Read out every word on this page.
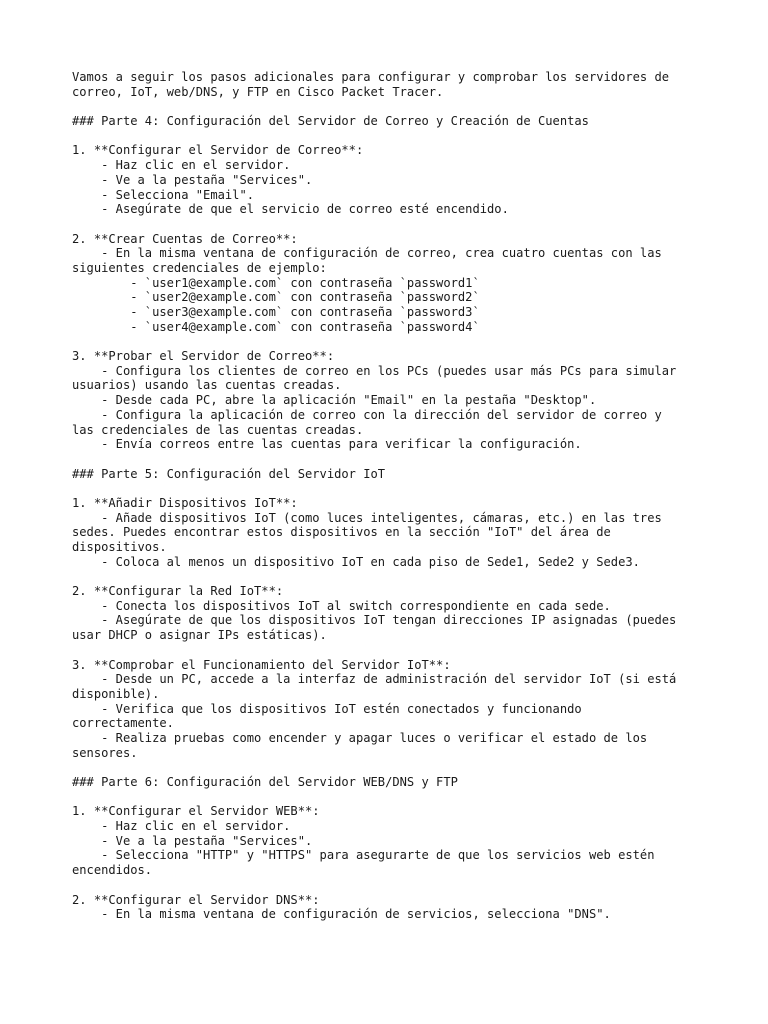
Vamos a seguir los pasos adicionales para configurar y comprobar los servidores de
correo, IoT, web/DNS, y FTP en Cisco Packet Tracer.
### Parte 4: Configuración del Servidor de Correo y Creación de Cuentas
1. **Configurar el Servidor de Correo**:
- Haz clic en el servidor.
- Ve a la pestaña "Services".
- Selecciona "Email".
- Asegúrate de que el servicio de correo esté encendido.
2. **Crear Cuentas de Correo**:
- En la misma ventana de configuración de correo, crea cuatro cuentas con las
siguientes credenciales de ejemplo:
- `user1@example.com` con contraseña `password1`
- `user2@example.com` con contraseña `password2`
- `user3@example.com` con contraseña `password3`
- `user4@example.com` con contraseña `password4`
3. **Probar el Servidor de Correo**:
- Configura los clientes de correo en los PCs (puedes usar más PCs para simular
usuarios) usando las cuentas creadas.
- Desde cada PC, abre la aplicación "Email" en la pestaña "Desktop".
- Configura la aplicación de correo con la dirección del servidor de correo y
las credenciales de las cuentas creadas.
- Envía correos entre las cuentas para verificar la configuración.
### Parte 5: Configuración del Servidor IoT
1. **Añadir Dispositivos IoT**:
- Añade dispositivos IoT (como luces inteligentes, cámaras, etc.) en las tres
sedes. Puedes encontrar estos dispositivos en la sección "IoT" del área de
dispositivos.
- Coloca al menos un dispositivo IoT en cada piso de Sede1, Sede2 y Sede3.
2. **Configurar la Red IoT**:
- Conecta los dispositivos IoT al switch correspondiente en cada sede.
- Asegúrate de que los dispositivos IoT tengan direcciones IP asignadas (puedes
usar DHCP o asignar IPs estáticas).
3. **Comprobar el Funcionamiento del Servidor IoT**:
- Desde un PC, accede a la interfaz de administración del servidor IoT (si está
disponible).
- Verifica que los dispositivos IoT estén conectados y funcionando
correctamente.
- Realiza pruebas como encender y apagar luces o verificar el estado de los
sensores.
### Parte 6: Configuración del Servidor WEB/DNS y FTP
1. **Configurar el Servidor WEB**:
- Haz clic en el servidor.
- Ve a la pestaña "Services".
- Selecciona "HTTP" y "HTTPS" para asegurarte de que los servicios web estén
encendidos.
2. **Configurar el Servidor DNS**:
- En la misma ventana de configuración de servicios, selecciona "DNS".
